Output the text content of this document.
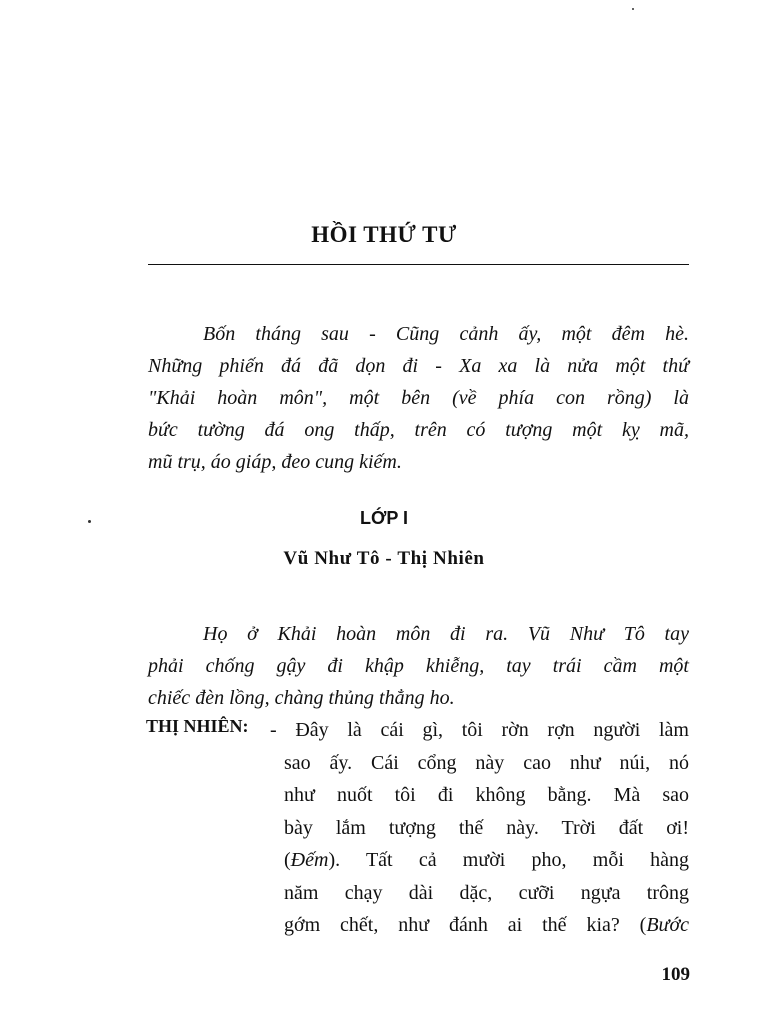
HỒI THỨ TƯ
Bốn tháng sau - Cũng cảnh ấy, một đêm hè.
Những phiến đá đã dọn đi - Xa xa là nửa một thứ
"Khải hoàn môn", một bên (về phía con rồng) là
bức tường đá ong thấp, trên có tượng một kỵ mã,
mũ trụ, áo giáp, đeo cung kiếm.
LỚP I
Vũ Như Tô - Thị Nhiên
Họ ở Khải hoàn môn đi ra. Vũ Như Tô tay
phải chống gậy đi khập khiễng, tay trái cầm một
chiếc đèn lồng, chàng thủng thẳng ho.
THỊ NHIÊN: - Đây là cái gì, tôi rờn rợn người làm
sao ấy. Cái cổng này cao như núi, nó
như nuốt tôi đi không bằng. Mà sao
bày lắm tượng thế này. Trời đất ơi!
(Đếm). Tất cả mười pho, mỗi hàng
năm chạy dài dặc, cưỡi ngựa trông
gớm chết, như đánh ai thế kia? (Bước
109
